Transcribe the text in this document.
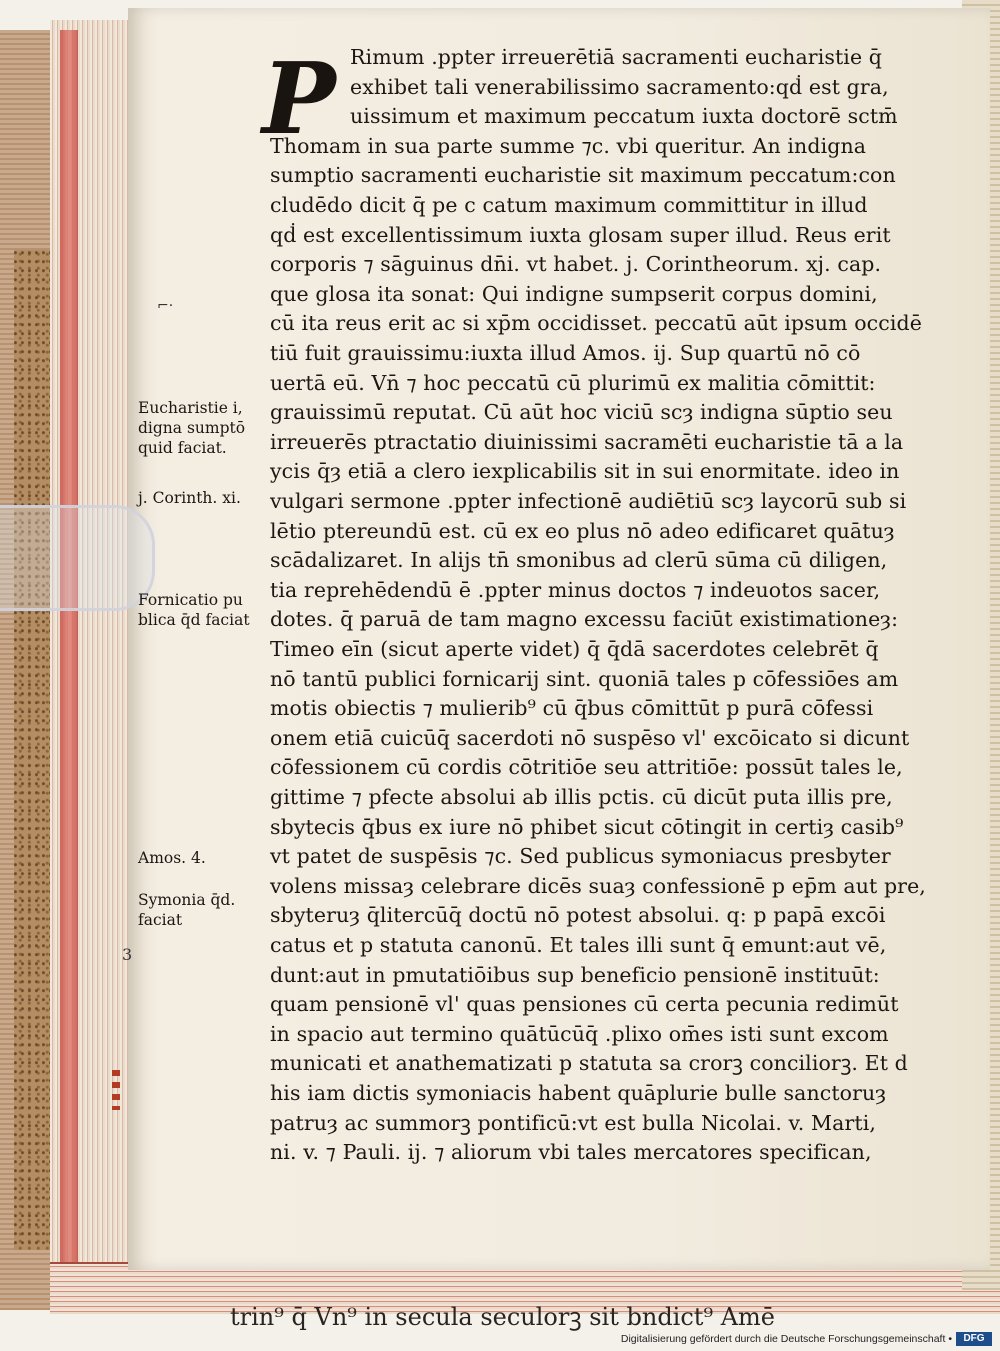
P Rimum .ppter irreuerētiā sacramenti eucharistie q̄
exhibet tali venerabilissimo sacramento:qḋ est gra,
uissimum et maximum peccatum iuxta doctorē sctm̄
Thomam in sua parte summe ⁊c. vbi queritur. An indigna
sumptio sacramenti eucharistie sit maximum peccatum:con
cludēdo dicit q̄ pe c catum maximum committitur in illud
qḋ est excellentissimum iuxta glosam super illud. Reus erit
corporis ⁊ sāguinus dn̄i. vt habet. j. Corintheorum. xj. cap.
que glosa ita sonat: Qui indigne sumpserit corpus domini,
cū ita reus erit ac si xp̄m occidisset. peccatū aūt ipsum occidē
tiū fuit grauissimu:iuxta illud Amos. ij. Sup quartū nō cō
uertā eū. Vn̄ ⁊ hoc peccatū cū plurimū ex malitia cōmittit:
grauissimū reputat. Cū aūt hoc viciū scȝ indigna sūptio seu
irreuerēs ptractatio diuinissimi sacramēti eucharistie tā a la
ycis q̄ȝ etiā a clero iexplicabilis sit in sui enormitate. ideo in
vulgari sermone .ppter infectionē audiētiū scȝ laycorū sub si
lētio ptereundū est. cū ex eo plus nō adeo edificaret quātuȝ
scādalizaret. In alijs tn̄ smonibus ad clerū sūma cū diligen,
tia reprehēdendū ē .ppter minus doctos ⁊ indeuotos sacer,
dotes. q̄ paruā de tam magno excessu faciūt existimationeȝ:
Timeo eīn (sicut aperte videt) q̄ q̄dā sacerdotes celebrēt q̄
nō tantū publici fornicarij sint. quoniā tales p cōfessiōes am
motis obiectis ⁊ mulierib⁹ cū q̄bus cōmittūt p purā cōfessi
onem etiā cuicūq̄ sacerdoti nō suspēso vl' excōicato si dicunt
cōfessionem cū cordis cōtritiōe seu attritiōe: possūt tales le,
gittime ⁊ pfecte absolui ab illis pctis. cū dicūt puta illis pre,
sbytecis q̄bus ex iure nō phibet sicut cōtingit in certiȝ casib⁹
vt patet de suspēsis ⁊c. Sed publicus symoniacus presbyter
volens missaȝ celebrare dicēs suaȝ confessionē p ep̄m aut pre,
sbyteruȝ q̄litercūq̄ doctū nō potest absolui. q: p papā excōi
catus et p statuta canonū. Et tales illi sunt q̄ emunt:aut vē,
dunt:aut in pmutatiōibus sup beneficio pensionē instituūt:
quam pensionē vl' quas pensiones cū certa pecunia redimūt
in spacio aut termino quātūcūq̄ .plixo om̄es isti sunt excom
municati et anathematizati p statuta sa crorꝫ conciliorꝫ. Et d
his iam dictis symoniacis habent quāplurie bulle sanctoruȝ
patruȝ ac summorꝫ pontificū:vt est bulla Nicolai. v. Marti,
ni. v. ⁊ Pauli. ij. ⁊ aliorum vbi tales mercatores specifican,
⌐·
Eucharistie i, digna sumptō quid faciat.
j. Corinth. xi.
Fornicatio pu blica q̄d faciat
Amos. 4.
Symonia q̄d. faciat
3
trin⁹ q̄ Vn⁹ in secula seculorꝫ sit bndict⁹ Amē
Digitalisierung gefördert durch die Deutsche Forschungsgemeinschaft •	DFG
